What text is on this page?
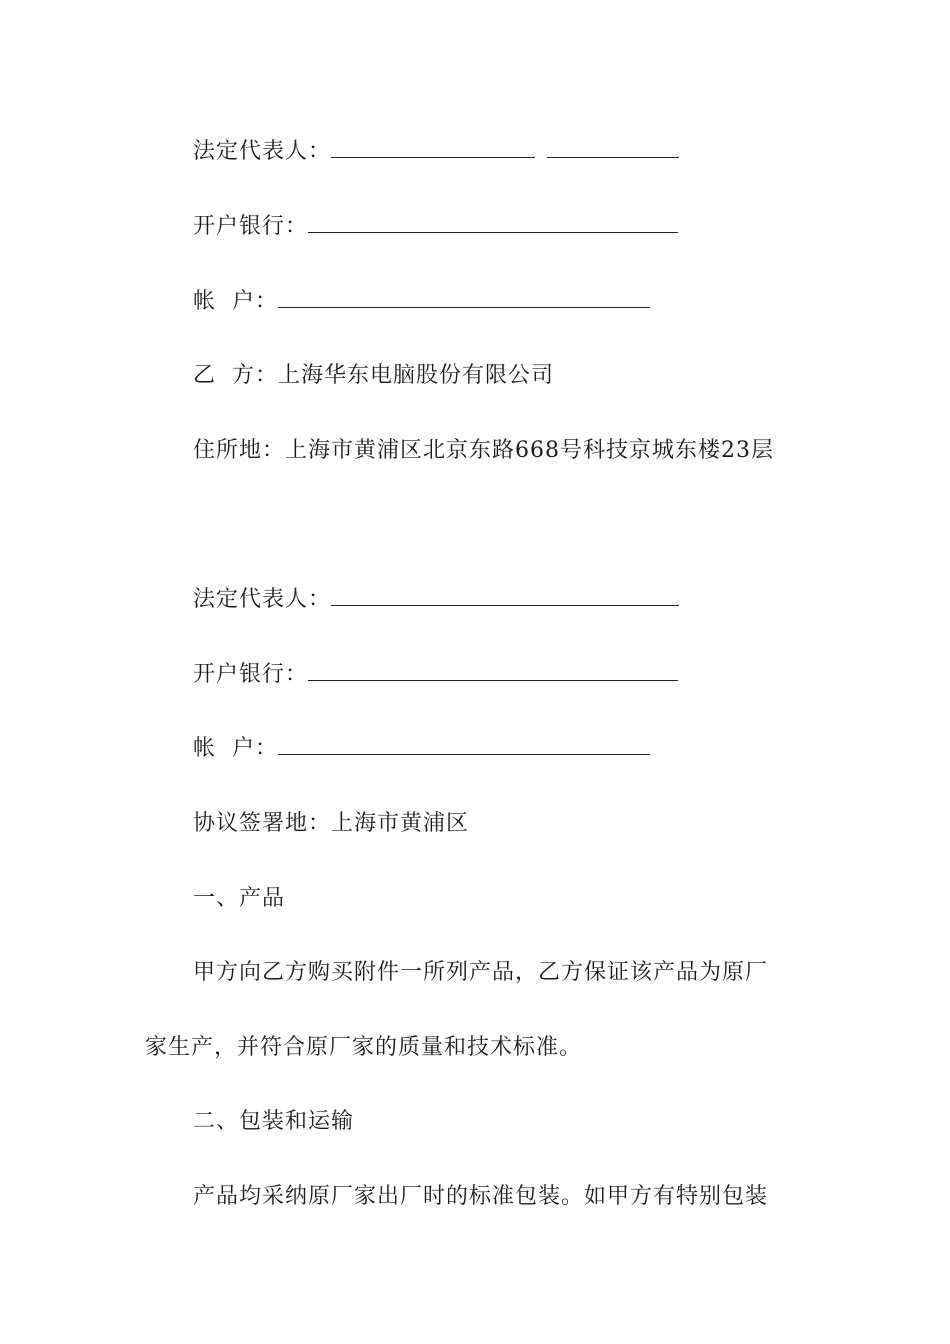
法定代表人：
开户银行：
帐  户：
乙  方：上海华东电脑股份有限公司
住所地：上海市黄浦区北京东路668号科技京城东楼23层
法定代表人：
开户银行：
帐  户：
协议签署地：上海市黄浦区
一、产品
甲方向乙方购买附件一所列产品，乙方保证该产品为原厂
家生产，并符合原厂家的质量和技术标准。
二、包装和运输
产品均采纳原厂家出厂时的标准包装。如甲方有特别包装
